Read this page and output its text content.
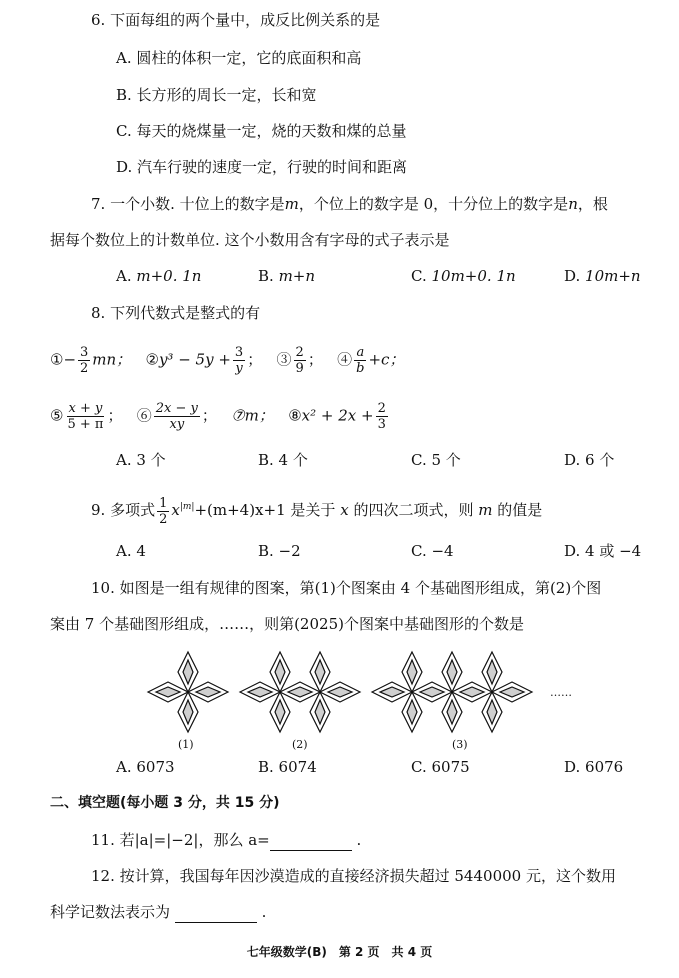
6. 下面每组的两个量中，成反比例关系的是
A. 圆柱的体积一定，它的底面积和高
B. 长方形的周长一定，长和宽
C. 每天的烧煤量一定，烧的天数和煤的总量
D. 汽车行驶的速度一定，行驶的时间和距离
7. 一个小数. 十位上的数字是m，个位上的数字是 0，十分位上的数字是n，根
据每个数位上的计数单位. 这个小数用含有字母的式子表示是
A. m+0. 1n	B. m+n	C. 10m+0. 1n	D. 10m+n
8. 下列代数式是整式的有
①− $\frac{3}{2}$ mn； ②y³ − $5y + \frac{3}{y}$ ； ③ $\frac{2}{9}$ ； ④ $\frac{a}{b} +c$；
⑤ $\frac{x + y}{5 + \pi}$ ； ⑥ $\frac{2x - y}{xy}$ ； ⑦m； ⑧x² + $2x + \frac{2}{3}$
A. 3 个	B. 4 个	C. 5 个	D. 6 个
9. 多项式 $\frac{1}{2} x^{|m|}+(m+4)x+1$ 是关于 x 的四次二项式，则 m 的值是
A. 4	B. −2	C. −4	D. 4 或 −4
10. 如图是一组有规律的图案，第(1)个图案由 4 个基础图形组成，第(2)个图
案由 7 个基础图形组成，……，则第(2025)个图案中基础图形的个数是
(1)	(2)	(3)
……
A. 6073	B. 6074	C. 6075	D. 6076
二、填空题(每小题 3 分，共 15 分)
11. 若|a|=|−2|，那么 a=	.
12. 按计算，我国每年因沙漠造成的直接经济损失超过 5440000 元，这个数用
科学记数法表示为	.
七年级数学(B)　第 2 页　共 4 页
